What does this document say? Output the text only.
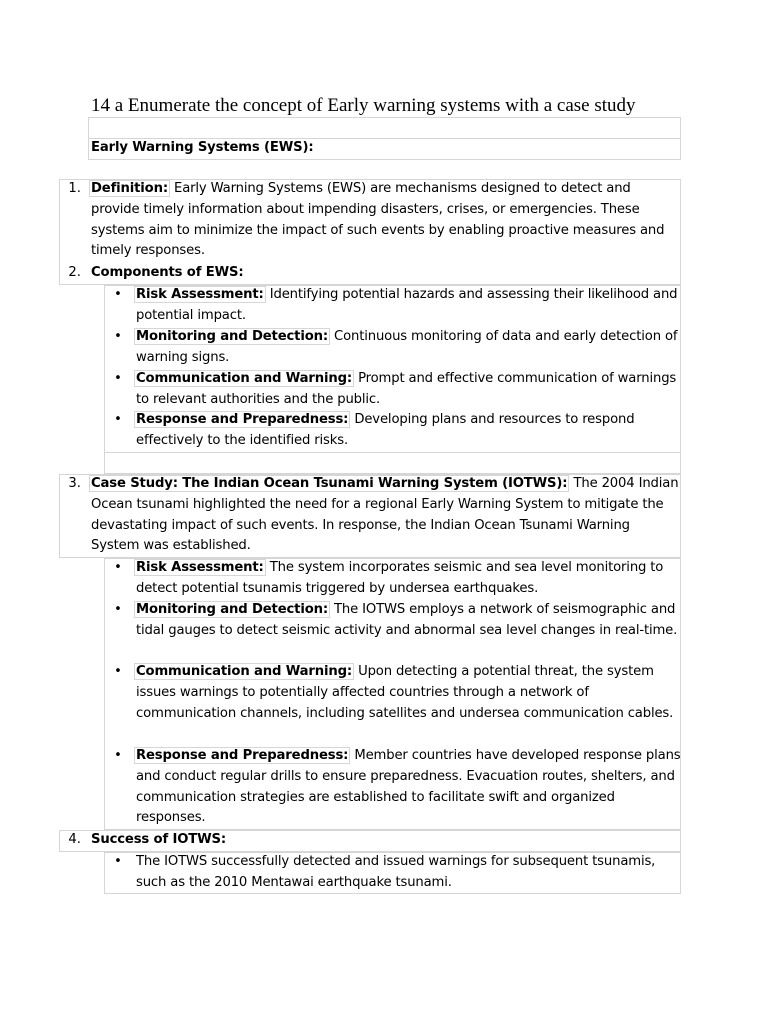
14 a Enumerate the concept of Early warning systems with a case study
Early Warning Systems (EWS):
1. Definition: Early Warning Systems (EWS) are mechanisms designed to detect and provide timely information about impending disasters, crises, or emergencies. These systems aim to minimize the impact of such events by enabling proactive measures and timely responses.
2. Components of EWS:
• Risk Assessment: Identifying potential hazards and assessing their likelihood and potential impact.
• Monitoring and Detection: Continuous monitoring of data and early detection of warning signs.
• Communication and Warning: Prompt and effective communication of warnings to relevant authorities and the public.
• Response and Preparedness: Developing plans and resources to respond effectively to the identified risks.
3. Case Study: The Indian Ocean Tsunami Warning System (IOTWS): The 2004 Indian Ocean tsunami highlighted the need for a regional Early Warning System to mitigate the devastating impact of such events. In response, the Indian Ocean Tsunami Warning System was established.
• Risk Assessment: The system incorporates seismic and sea level monitoring to detect potential tsunamis triggered by undersea earthquakes.
• Monitoring and Detection: The IOTWS employs a network of seismographic and tidal gauges to detect seismic activity and abnormal sea level changes in real-time.
• Communication and Warning: Upon detecting a potential threat, the system issues warnings to potentially affected countries through a network of communication channels, including satellites and undersea communication cables.
• Response and Preparedness: Member countries have developed response plans and conduct regular drills to ensure preparedness. Evacuation routes, shelters, and communication strategies are established to facilitate swift and organized responses.
4. Success of IOTWS:
• The IOTWS successfully detected and issued warnings for subsequent tsunamis, such as the 2010 Mentawai earthquake tsunami.
